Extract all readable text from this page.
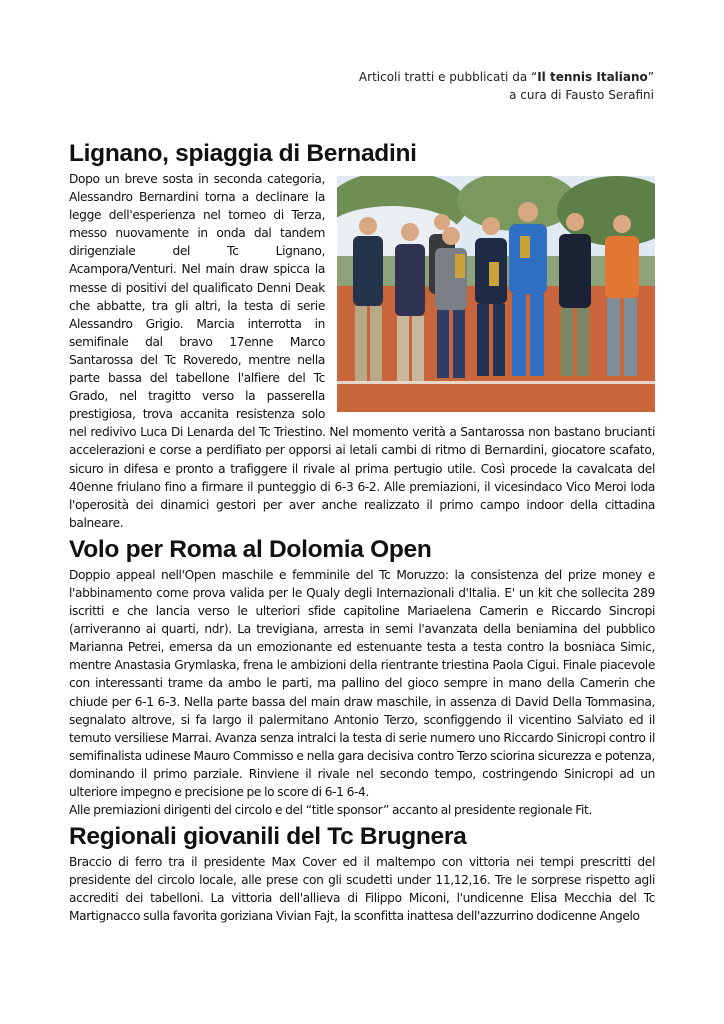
Articoli tratti e pubblicati da “Il tennis Italiano”
a cura di Fausto Serafini
Lignano, spiaggia di Bernadini

Dopo un breve sosta in seconda categoria, Alessandro Bernardini torna a declinare la legge dell'esperienza nel torneo di Terza, messo nuovamente in onda dal tandem dirigenziale del Tc Lignano, Acampora/Venturi. Nel main draw spicca la messe di positivi del qualificato Denni Deak che abbatte, tra gli altri, la testa di serie Alessandro Grigio. Marcia interrotta in semifinale dal bravo 17enne Marco Santarossa del Tc Roveredo, mentre nella parte bassa del tabellone l'alfiere del Tc Grado, nel tragitto verso la passerella prestigiosa, trova accanita resistenza solo nel redivivo Luca Di Lenarda del Tc Triestino. Nel momento verità a Santarossa non bastano brucianti accelerazioni e corse a perdifiato per opporsi ai letali cambi di ritmo di Bernardini, giocatore scafato, sicuro in difesa e pronto a trafiggere il rivale al prima pertugio utile. Così procede la cavalcata del 40enne friulano fino a firmare il punteggio di 6-3 6-2. Alle premiazioni, il vicesindaco Vico Meroi loda l'operosità dei dinamici gestori per aver anche realizzato il primo campo indoor della cittadina balneare.

Volo per Roma al Dolomia Open

Doppio appeal nell'Open maschile e femminile del Tc Moruzzo: la consistenza del prize money e l'abbinamento come prova valida per le Qualy degli Internazionali d'Italia. E' un kit che sollecita 289 iscritti e che lancia verso le ulteriori sfide capitoline Mariaelena Camerin e Riccardo Sincropi (arriveranno ai quarti, ndr). La trevigiana, arresta in semi l'avanzata della beniamina del pubblico Marianna Petrei, emersa da un emozionante ed estenuante testa a testa contro la bosniaca Simic, mentre Anastasia Grymlaska, frena le ambizioni della rientrante triestina Paola Cigui. Finale piacevole con interessanti trame da ambo le parti, ma pallino del gioco sempre in mano della Camerin che chiude per 6-1 6-3. Nella parte bassa del main draw maschile, in assenza di David Della Tommasina, segnalato altrove, si fa largo il palermitano Antonio Terzo, sconfiggendo il vicentino Salviato ed il temuto versiliese Marrai. Avanza senza intralci la testa di serie numero uno Riccardo Sinicropi contro il semifinalista udinese Mauro Commisso e nella gara decisiva contro Terzo sciorina sicurezza e potenza, dominando il primo parziale. Rinviene il rivale nel secondo tempo, costringendo Sinicropi ad un ulteriore impegno e precisione pe lo score di 6-1 6-4.

Alle premiazioni dirigenti del circolo e del “title sponsor” accanto al presidente regionale Fit.

Regionali giovanili del Tc Brugnera

Braccio di ferro tra il presidente Max Cover ed il maltempo con vittoria nei tempi prescritti del presidente del circolo locale, alle prese con gli scudetti under 11,12,16. Tre le sorprese rispetto agli accrediti dei tabelloni. La vittoria dell'allieva di Filippo Miconi, l'undicenne Elisa Mecchia del Tc Martignacco sulla favorita goriziana Vivian Fajt, la sconfitta inattesa dell'azzurrino dodicenne Angelo
